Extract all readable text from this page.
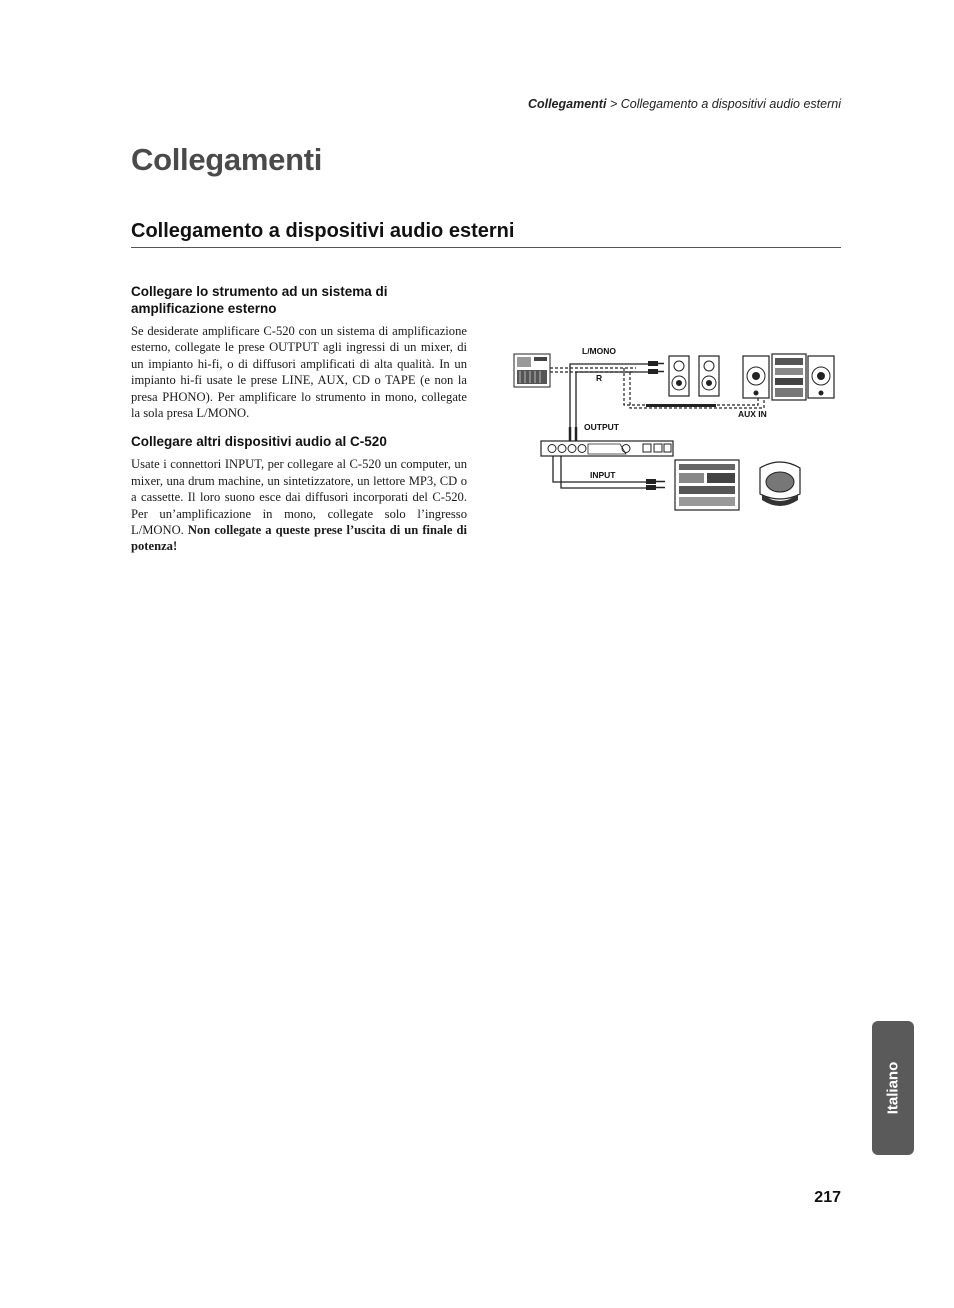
Collegamenti > Collegamento a dispositivi audio esterni
Collegamenti
Collegamento a dispositivi audio esterni
Collegare lo strumento ad un sistema di amplificazione esterno

Se desiderate amplificare C-520 con un sistema di amplificazione esterno, collegate le prese OUTPUT agli ingressi di un mixer, di un impianto hi-fi, o di diffusori amplificati di alta qualità. In un impianto hi-fi usate le prese LINE, AUX, CD o TAPE (e non la presa PHONO). Per amplificare lo strumento in mono, collegate la sola presa L/MONO.

Collegare altri dispositivi audio al C-520

Usate i connettori INPUT, per collegare al C-520 un computer, un mixer, una drum machine, un sintetizzatore, un lettore MP3, CD o a cassette. Il loro suono esce dai diffusori incorporati del C-520. Per un’amplificazione in mono, collegate solo l’ingresso L/MONO. Non collegate a queste prese l’uscita di un finale di potenza!

L/MONO
R
OUTPUT
AUX IN
INPUT
Italiano
217
